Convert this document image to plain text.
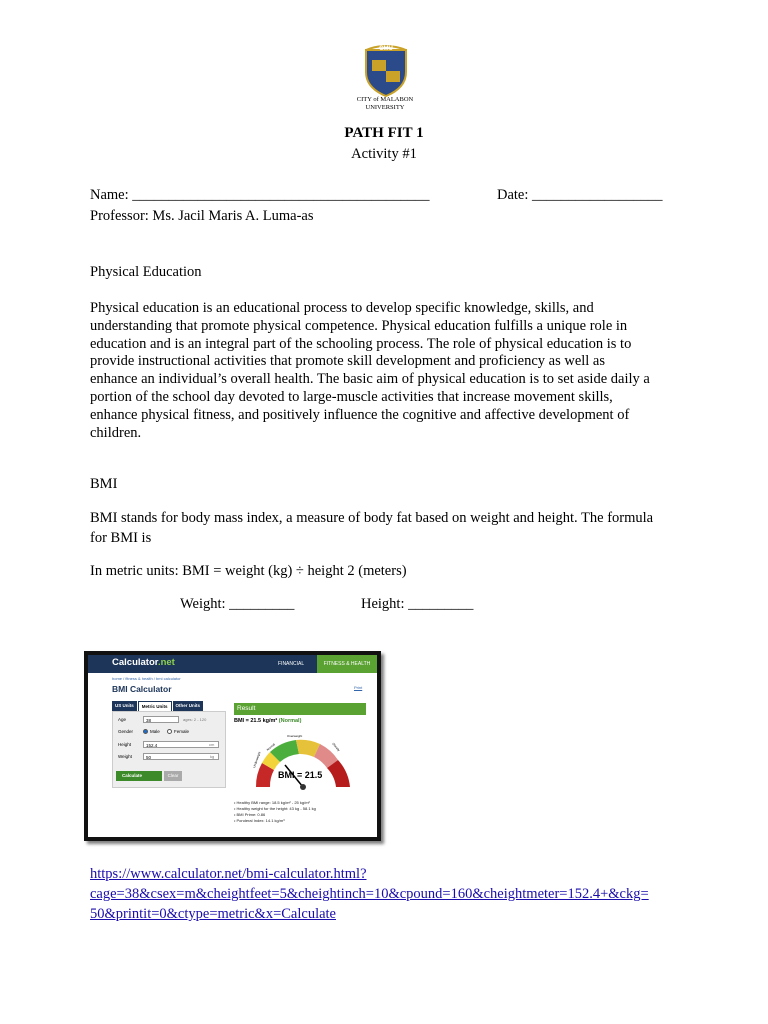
CMU
CITY of MALABON
UNIVERSITY
PATH FIT 1
Activity #1
Name: _________________________________________	Date: __________________
Professor: Ms. Jacil Maris A. Luma-as
Physical Education
Physical education is an educational process to develop specific knowledge, skills, and
understanding that promote physical competence. Physical education fulfills a unique role in
education and is an integral part of the schooling process. The role of physical education is to
provide instructional activities that promote skill development and proficiency as well as
enhance an individual’s overall health. The basic aim of physical education is to set aside daily a
portion of the school day devoted to large-muscle activities that increase movement skills,
enhance physical fitness, and positively influence the cognitive and affective development of
children.
BMI
BMI stands for body mass index, a measure of body fat based on weight and height. The formula
for BMI is
In metric units: BMI = weight (kg) ÷ height 2 (meters)
Weight: _________	Height: _________
Calculator.net	FINANCIAL	FITNESS & HEALTH
home / fitness & health / bmi calculator
Print
BMI Calculator
US Units	Metric Units	Other Units
Age	38	ages: 2 - 120
Gender	Male	Female
Height	152.4	cm
Weight	50	kg
Calculate	Clear
Result
BMI = 21.5 kg/m² (Normal)
BMI = 21.5
Underweight
Normal
Overweight
Obesity
• Healthy BMI range: 18.5 kg/m² - 25 kg/m²
• Healthy weight for the height: 43 kg - 58.1 kg
• BMI Prime: 0.86
• Ponderal Index: 14.1 kg/m³
https://www.calculator.net/bmi-calculator.html?
cage=38&csex=m&cheightfeet=5&cheightinch=10&cpound=160&cheightmeter=152.4+&ckg=
50&printit=0&ctype=metric&x=Calculate
